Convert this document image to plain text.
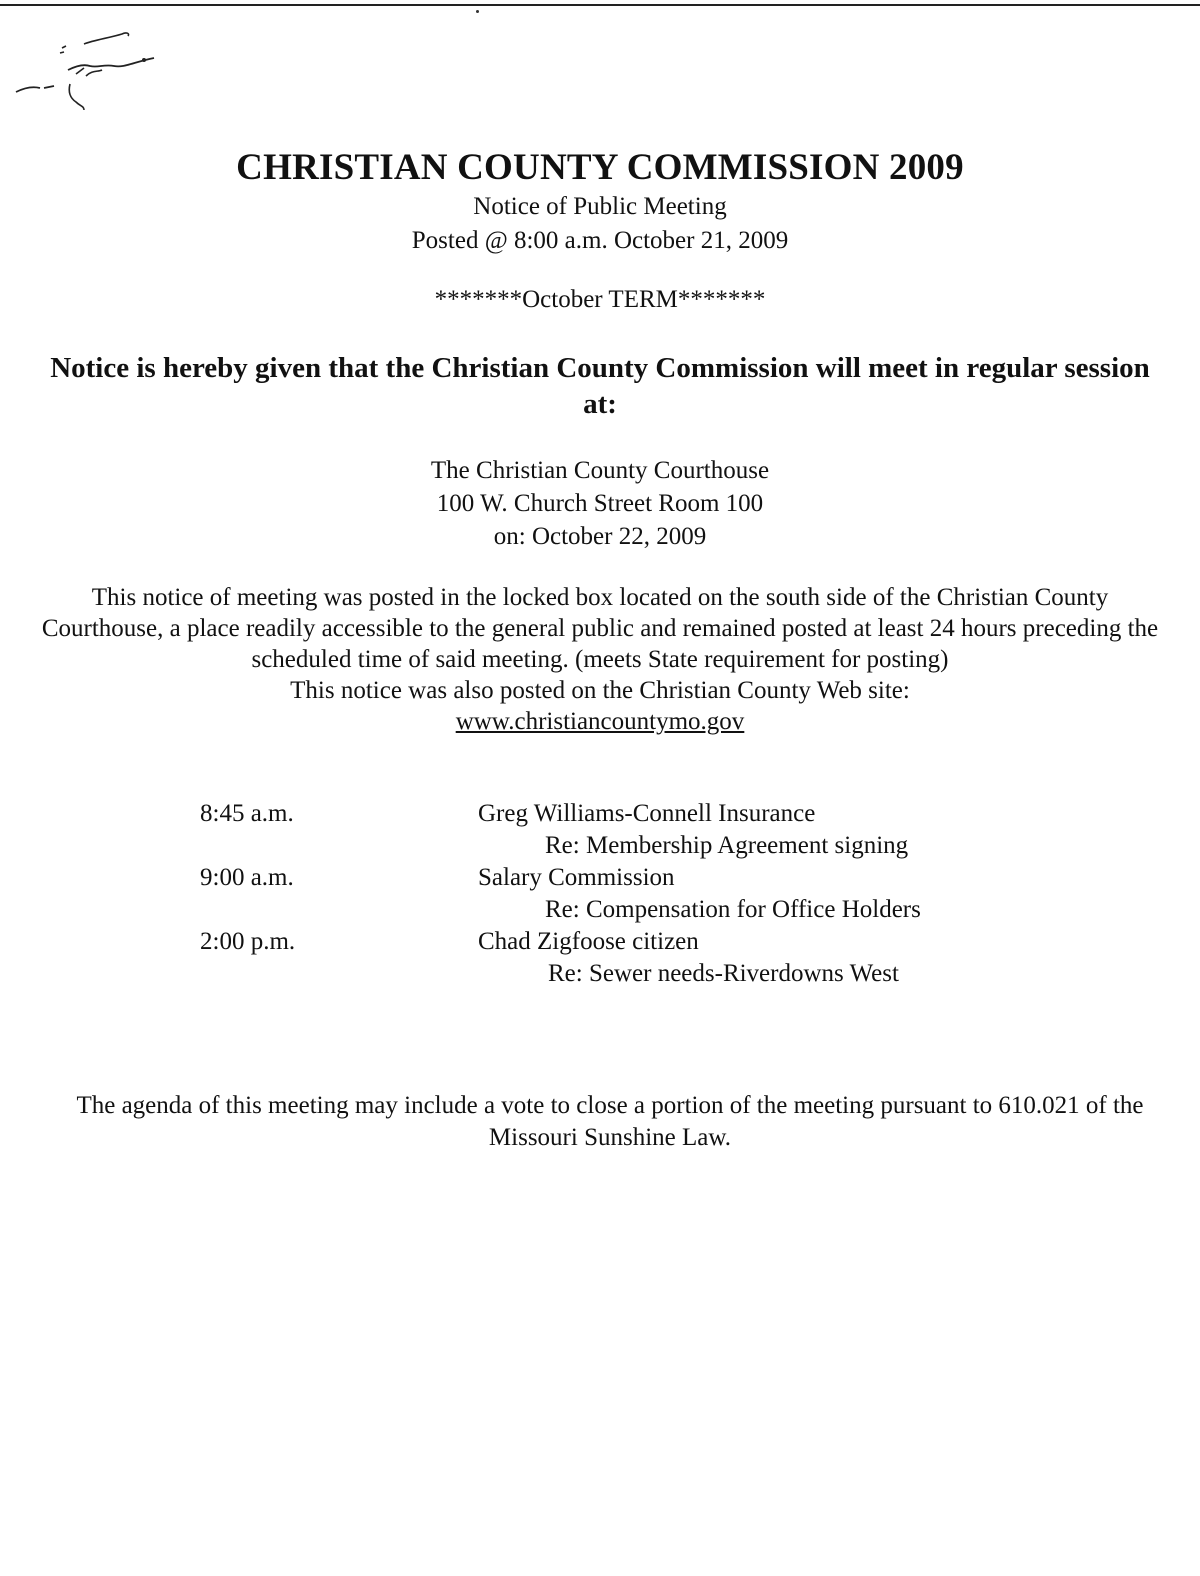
CHRISTIAN COUNTY COMMISSION 2009

Notice of Public Meeting
Posted @ 8:00 a.m. October 21, 2009

*******October TERM*******

Notice is hereby given that the Christian County Commission will meet in regular session at:

The Christian County Courthouse
100 W. Church Street Room 100
on: October 22, 2009
This notice of meeting was posted in the locked box located on the south side of the Christian County Courthouse, a place readily accessible to the general public and remained posted at least 24 hours preceding the scheduled time of said meeting. (meets State requirement for posting)
This notice was also posted on the Christian County Web site:
www.christiancountymo.gov
8:45 a.m.	Greg Williams-Connell Insurance
Re: Membership Agreement signing
9:00 a.m.	Salary Commission
Re: Compensation for Office Holders
2:00 p.m.	Chad Zigfoose citizen
Re: Sewer needs-Riverdowns West

The agenda of this meeting may include a vote to close a portion of the meeting pursuant to 610.021 of the Missouri Sunshine Law.
